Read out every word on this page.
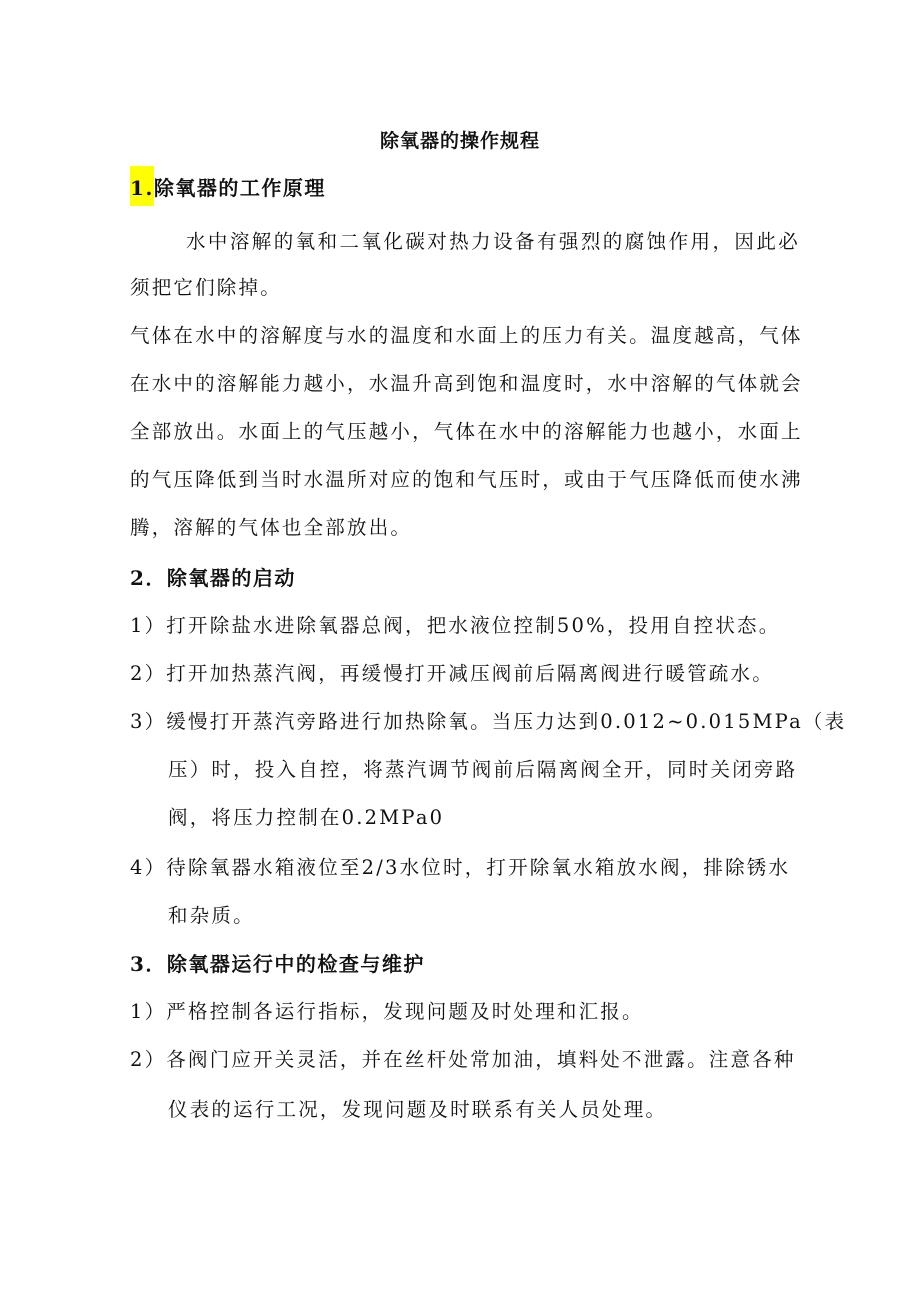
除氧器的操作规程
1.除氧器的工作原理
水中溶解的氧和二氧化碳对热力设备有强烈的腐蚀作用，因此必
须把它们除掉。
气体在水中的溶解度与水的温度和水面上的压力有关。温度越高，气体
在水中的溶解能力越小，水温升高到饱和温度时，水中溶解的气体就会
全部放出。水面上的气压越小，气体在水中的溶解能力也越小，水面上
的气压降低到当时水温所对应的饱和气压时，或由于气压降低而使水沸
腾，溶解的气体也全部放出。
2．除氧器的启动
1）打开除盐水进除氧器总阀，把水液位控制50%，投用自控状态。
2）打开加热蒸汽阀，再缓慢打开减压阀前后隔离阀进行暖管疏水。
3）缓慢打开蒸汽旁路进行加热除氧。当压力达到0.012~0.015MPa（表
压）时，投入自控，将蒸汽调节阀前后隔离阀全开，同时关闭旁路
阀，将压力控制在0.2MPa0
4）待除氧器水箱液位至2/3水位时，打开除氧水箱放水阀，排除锈水
和杂质。
3．除氧器运行中的检查与维护
1）严格控制各运行指标，发现问题及时处理和汇报。
2）各阀门应开关灵活，并在丝杆处常加油，填料处不泄露。注意各种
仪表的运行工况，发现问题及时联系有关人员处理。
